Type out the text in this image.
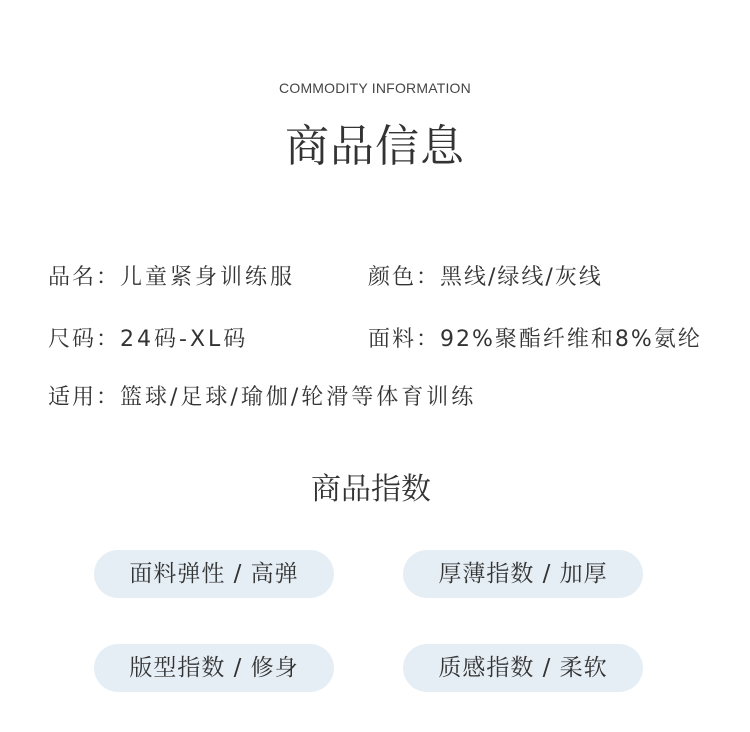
COMMODITY INFORMATION
商品信息
品名：儿童紧身训练服	颜色：黑线/绿线/灰线
尺码：24码-XL码	面料：92%聚酯纤维和8%氨纶
适用：篮球/足球/瑜伽/轮滑等体育训练
商品指数
面料弹性 / 高弹	厚薄指数 / 加厚
版型指数 / 修身	质感指数 / 柔软
